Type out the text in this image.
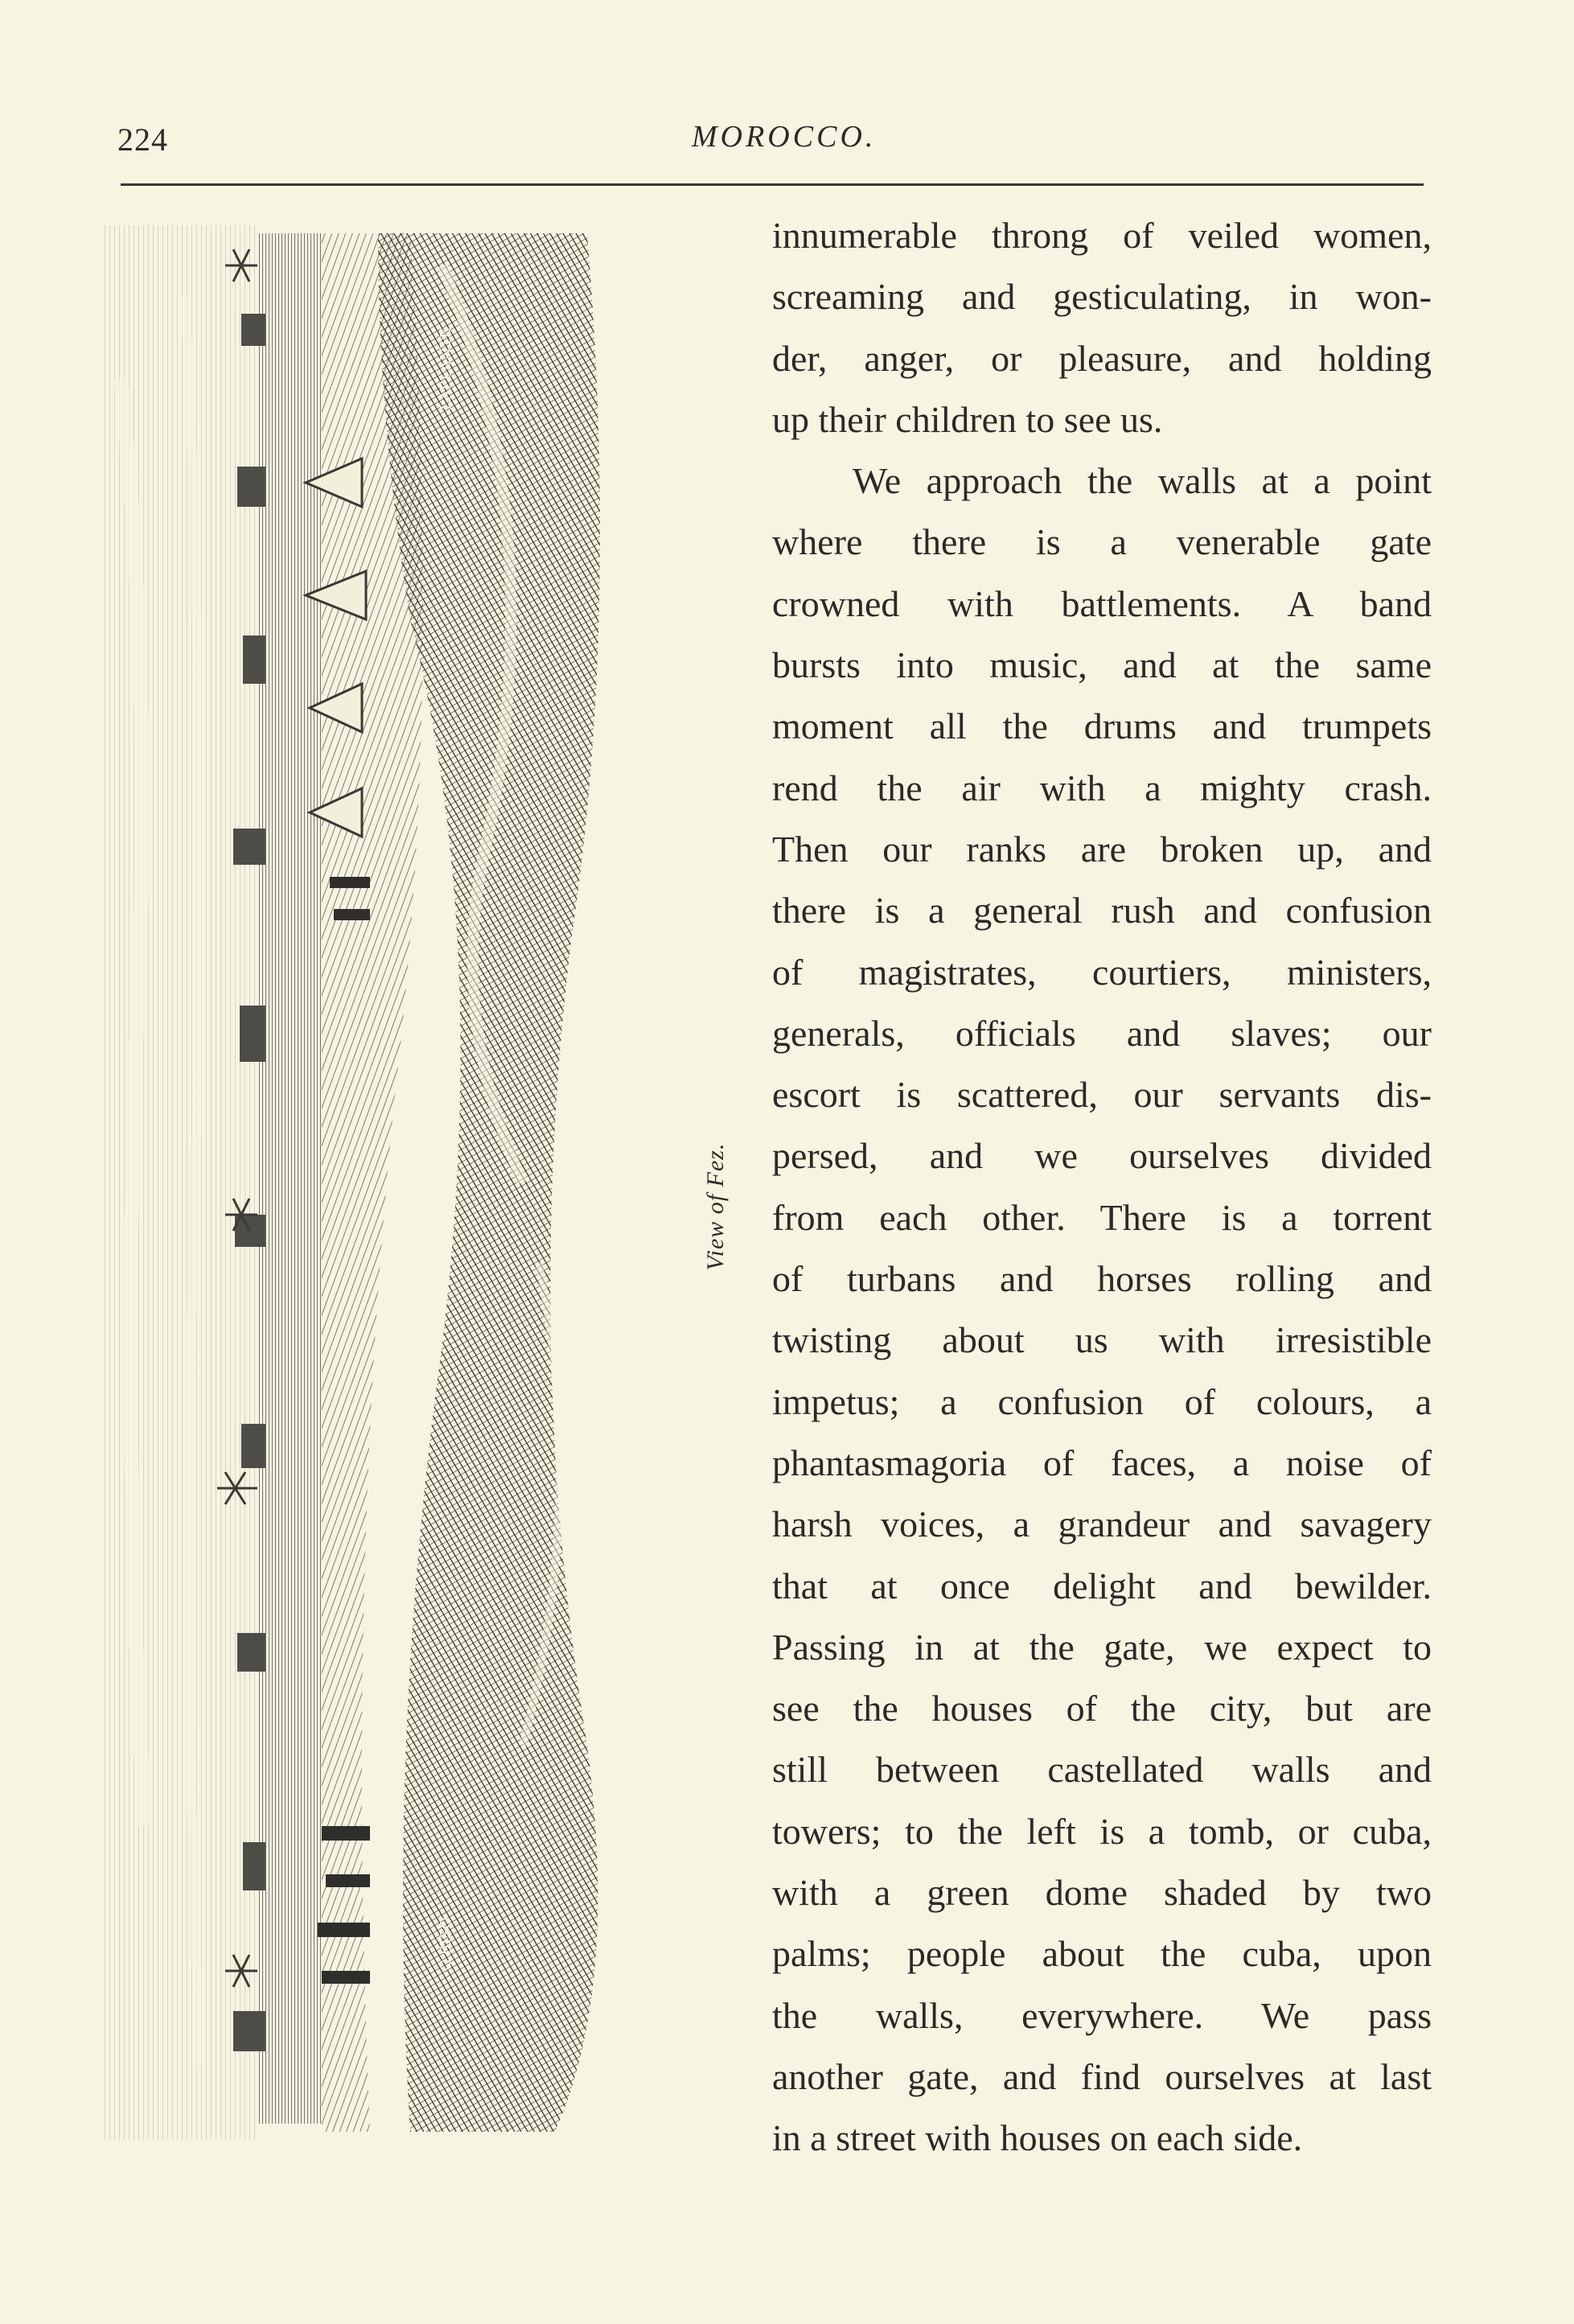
224	MOROCCO.
LAPLANTE
G.BISO
View of Fez.
innumerable throng of veiled women,
screaming and gesticulating, in won-
der, anger, or pleasure, and holding
up their children to see us.
We approach the walls at a point
where there is a venerable gate
crowned with battlements. A band
bursts into music, and at the same
moment all the drums and trumpets
rend the air with a mighty crash.
Then our ranks are broken up, and
there is a general rush and confusion
of magistrates, courtiers, ministers,
generals, officials and slaves; our
escort is scattered, our servants dis-
persed, and we ourselves divided
from each other. There is a torrent
of turbans and horses rolling and
twisting about us with irresistible
impetus; a confusion of colours, a
phantasmagoria of faces, a noise of
harsh voices, a grandeur and savagery
that at once delight and bewilder.
Passing in at the gate, we expect to
see the houses of the city, but are
still between castellated walls and
towers; to the left is a tomb, or cuba,
with a green dome shaded by two
palms; people about the cuba, upon
the walls, everywhere. We pass
another gate, and find ourselves at last
in a street with houses on each side.
